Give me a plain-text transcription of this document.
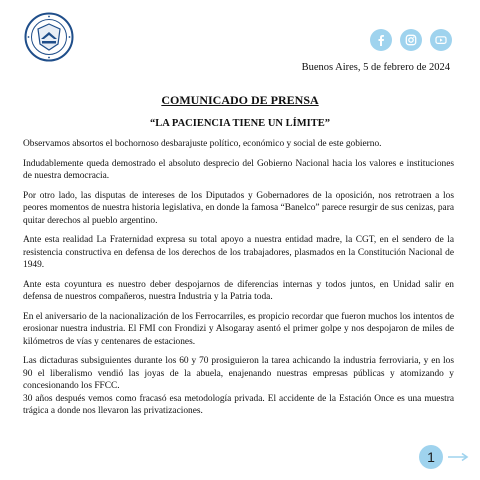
Buenos Aires, 5 de febrero de 2024
COMUNICADO DE PRENSA
“LA PACIENCIA TIENE UN LÍMITE”

Observamos absortos el bochornoso desbarajuste político, económico y social de este gobierno.

Indudablemente queda demostrado el absoluto desprecio del Gobierno Nacional hacia los valores e instituciones de nuestra democracia.

Por otro lado, las disputas de intereses de los Diputados y Gobernadores de la oposición, nos retrotraen a los peores momentos de nuestra historia legislativa, en donde la famosa “Banelco” parece resurgir de sus cenizas, para quitar derechos al pueblo argentino.

Ante esta realidad La Fraternidad expresa su total apoyo a nuestra entidad madre, la CGT, en el sendero de la resistencia constructiva en defensa de los derechos de los trabajadores, plasmados en la Constitución Nacional de 1949.

Ante esta coyuntura es nuestro deber despojarnos de diferencias internas y todos juntos, en Unidad salir en defensa de nuestros compañeros, nuestra Industria y la Patria toda.

En el aniversario de la nacionalización de los Ferrocarriles, es propicio recordar que fueron muchos los intentos de erosionar nuestra industria. El FMI con Frondizi y Alsogaray asentó el primer golpe y nos despojaron de miles de kilómetros de vías y centenares de estaciones.

Las dictaduras subsiguientes durante los 60 y 70 prosiguieron la tarea achicando la industria ferroviaria, y en los 90 el liberalismo vendió las joyas de la abuela, enajenando nuestras empresas públicas y atomizando y concesionando los FFCC.

30 años después vemos como fracasó esa metodología privada. El accidente de la Estación Once es una muestra trágica a donde nos llevaron las privatizaciones.

1
